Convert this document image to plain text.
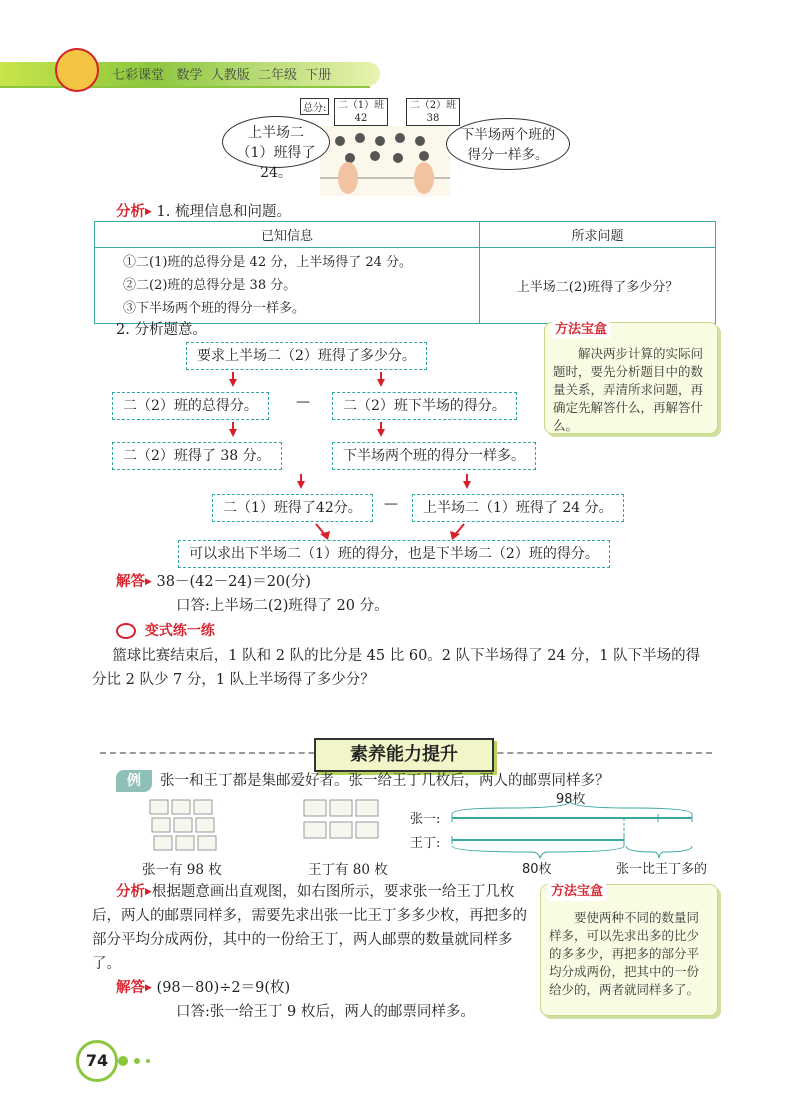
七彩课堂 数学 人教版 二年级 下册
总分:	二（1）班
42
二（2）班
38
上半场二（1）班得了24。
下半场两个班的得分一样多。
分析▶ 1. 梳理信息和问题。
已知信息	所求问题

①二(1)班的总得分是 42 分，上半场得了 24 分。
②二(2)班的总得分是 38 分。
③下半场两个班的得分一样多。	上半场二(2)班得了多少分？
2. 分析题意。
要求上半场二（2）班得了多少分。
二（2）班的总得分。	—	二（2）班下半场的得分。
二（2）班得了 38 分。	下半场两个班的得分一样多。
二（1）班得了42分。	—	上半场二（1）班得了 24 分。
可以求出下半场二（1）班的得分，也是下半场二（2）班的得分。
方法宝盒
解决两步计算的实际问题时，要先分析题目中的数量关系，弄清所求问题，再确定先解答什么，再解答什么。
解答▶ 38－(42－24)＝20(分)
口答:上半场二(2)班得了 20 分。
变式练一练
篮球比赛结束后，1 队和 2 队的比分是 45 比 60。2 队下半场得了 24 分，1 队下半场的得分比 2 队少 7 分，1 队上半场得了多少分？
素养能力提升
例	张一和王丁都是集邮爱好者。张一给王丁几枚后，两人的邮票同样多？
张一有 98 枚	王丁有 80 枚
98枚
张一:
王丁:
80枚	张一比王丁多的
分析▶根据题意画出直观图，如右图所示，要求张一给王丁几枚后，两人的邮票同样多，需要先求出张一比王丁多多少枚，再把多的部分平均分成两份，其中的一份给王丁，两人邮票的数量就同样多了。
方法宝盒
要使两种不同的数量同样多，可以先求出多的比少的多多少，再把多的部分平均分成两份，把其中的一份给少的，两者就同样多了。
解答▶ (98－80)÷2＝9(枚)
口答:张一给王丁 9 枚后，两人的邮票同样多。
74
